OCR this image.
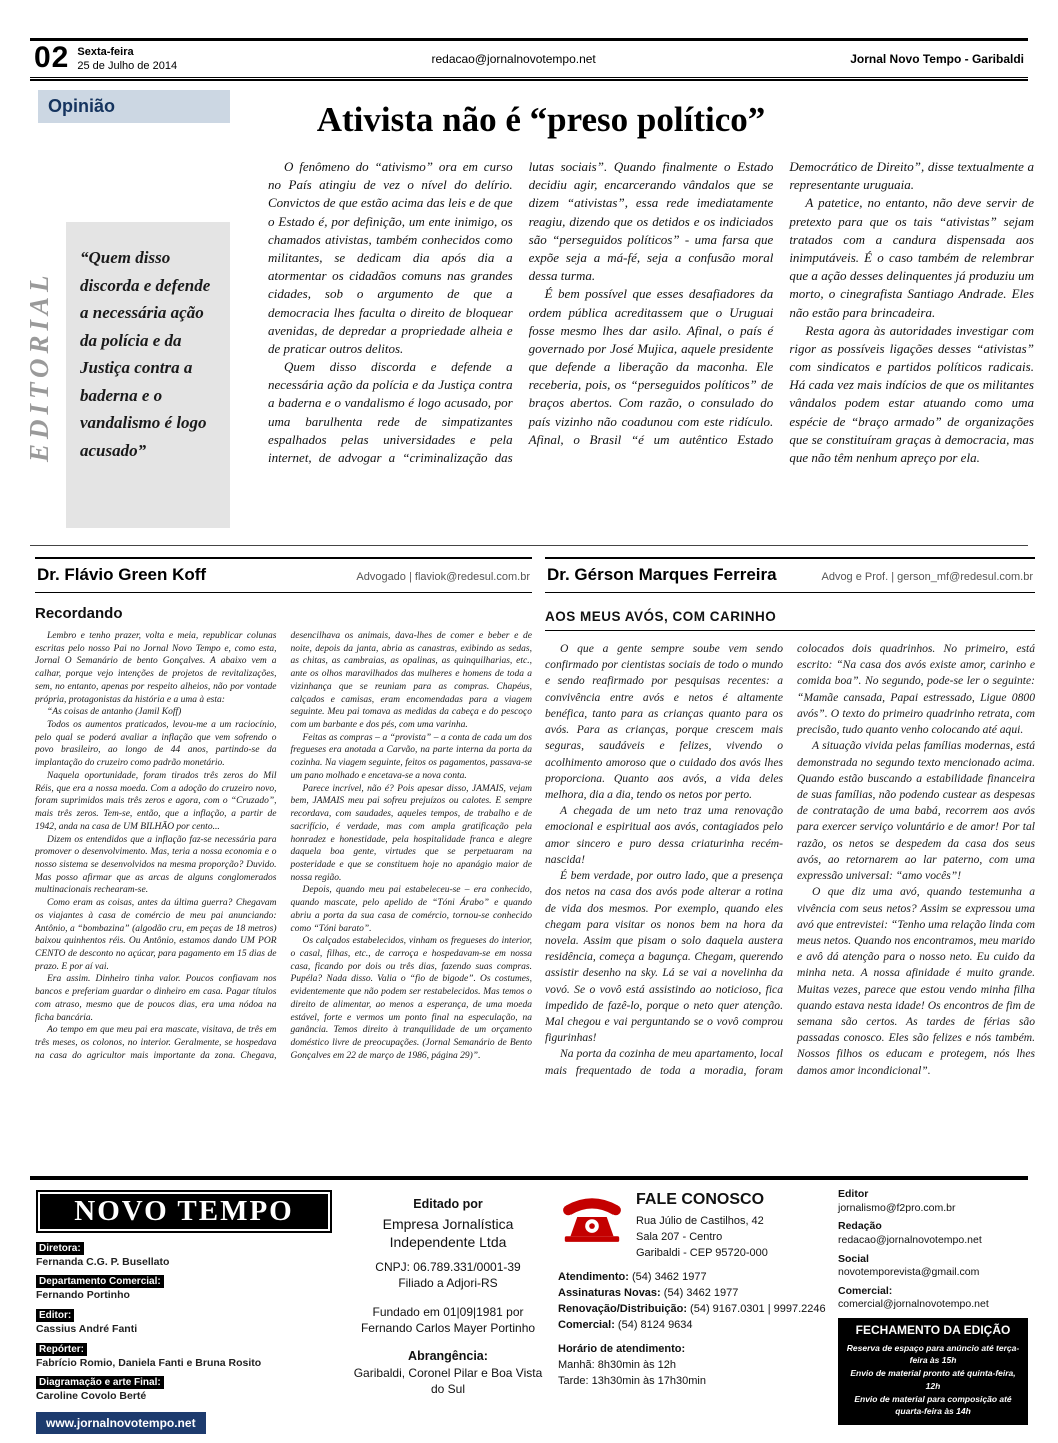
02 Sexta-feira
25 de Julho de 2014	redacao@jornalnovotempo.net	Jornal Novo Tempo - Garibaldi
Opinião	Ativista não é “preso político”
EDITORIAL
“Quem disso discorda e defende a necessária ação da polícia e da Justiça contra a baderna e o vandalismo é logo acusado”

O fenômeno do “ativismo” ora em curso no País atingiu de vez o nível do delírio. Convictos de que estão acima das leis e de que o Estado é, por definição, um ente inimigo, os chamados ativistas, também conhecidos como militantes, se dedicam dia após dia a atormentar os cidadãos comuns nas grandes cidades, sob o argumento de que a democracia lhes faculta o direito de bloquear avenidas, de depredar a propriedade alheia e de praticar outros delitos.

Quem disso discorda e defende a necessária ação da polícia e da Justiça contra a baderna e o vandalismo é logo acusado, por uma barulhenta rede de simpatizantes espalhados pelas universidades e pela internet, de advogar a “criminalização das lutas sociais”. Quando finalmente o Estado decidiu agir, encarcerando vândalos que se dizem “ativistas”, essa rede imediatamente reagiu, dizendo que os detidos e os indiciados são “perseguidos políticos” - uma farsa que expõe seja a má-fé, seja a confusão moral dessa turma.

É bem possível que esses desafiadores da ordem pública acreditassem que o Uruguai fosse mesmo lhes dar asilo. Afinal, o país é governado por José Mujica, aquele presidente que defende a liberação da maconha. Ele receberia, pois, os “perseguidos políticos” de braços abertos. Com razão, o consulado do país vizinho não coadunou com este ridículo. Afinal, o Brasil “é um autêntico Estado Democrático de Direito”, disse textualmente a representante uruguaia.

A patetice, no entanto, não deve servir de pretexto para que os tais “ativistas” sejam tratados com a candura dispensada aos inimputáveis. É o caso também de relembrar que a ação desses delinquentes já produziu um morto, o cinegrafista Santiago Andrade. Eles não estão para brincadeira.

Resta agora às autoridades investigar com rigor as possíveis ligações desses “ativistas” com sindicatos e partidos políticos radicais. Há cada vez mais indícios de que os militantes vândalos podem estar atuando como uma espécie de “braço armado” de organizações que se constituíram graças à democracia, mas que não têm nenhum apreço por ela.

Dr. Flávio Green Koff	Advogado | flaviok@redesul.com.br
Recordando

Lembro e tenho prazer, volta e meia, republicar colunas escritas pelo nosso Pai no Jornal Novo Tempo e, como esta, Jornal O Semanário de bento Gonçalves. A abaixo vem a calhar, porque vejo intenções de projetos de revitalizações, sem, no entanto, apenas por respeito alheios, não por vontade própria, protagonistas da história e a uma à esta:

“As coisas de antanho (Jamil Koff)

Todos os aumentos praticados, levou-me a um raciocínio, pelo qual se poderá avaliar a inflação que vem sofrendo o povo brasileiro, ao longo de 44 anos, partindo-se da implantação do cruzeiro como padrão monetário.

Naquela oportunidade, foram tirados três zeros do Mil Réis, que era a nossa moeda. Com a adoção do cruzeiro novo, foram suprimidos mais três zeros e agora, com o “Cruzado”, mais três zeros. Tem-se, então, que a inflação, a partir de 1942, anda na casa de UM BILHÃO por cento...

Dizem os entendidos que a inflação faz-se necessária para promover o desenvolvimento. Mas, teria a nossa economia e o nosso sistema se desenvolvidos na mesma proporção? Duvido. Mas posso afirmar que as arcas de alguns conglomerados multinacionais rechearam-se.

Como eram as coisas, antes da última guerra? Chegavam os viajantes à casa de comércio de meu pai anunciando: Antônio, a “bombazina” (algodão cru, em peças de 18 metros) baixou quinhentos réis. Ou Antônio, estamos dando UM POR CENTO de desconto no açúcar, para pagamento em 15 dias de prazo. E por aí vai.

Era assim. Dinheiro tinha valor. Poucos confiavam nos bancos e preferiam guardar o dinheiro em casa. Pagar títulos com atraso, mesmo que de poucos dias, era uma nódoa na ficha bancária.

Ao tempo em que meu pai era mascate, visitava, de três em três meses, os colonos, no interior. Geralmente, se hospedava na casa do agricultor mais importante da zona. Chegava, desencilhava os animais, dava-lhes de comer e beber e de noite, depois da janta, abria as canastras, exibindo as sedas, as chitas, as cambraias, as opalinas, as quinquilharias, etc., ante os olhos maravilhados das mulheres e homens de toda a vizinhança que se reuniam para as compras. Chapéus, calçados e camisas, eram encomendadas para a viagem seguinte. Meu pai tomava as medidas da cabeça e do pescoço com um barbante e dos pés, com uma varinha.

Feitas as compras – a “provista” – a conta de cada um dos fregueses era anotada a Carvão, na parte interna da porta da cozinha. Na viagem seguinte, feitos os pagamentos, passava-se um pano molhado e encetava-se a nova conta.

Parece incrível, não é? Pois apesar disso, JAMAIS, vejam bem, JAMAIS meu pai sofreu prejuízos ou calotes. E sempre recordava, com saudades, aqueles tempos, de trabalho e de sacrifício, é verdade, mas com ampla gratificação pela honradez e honestidade, pela hospitalidade franca e alegre daquela boa gente, virtudes que se perpetuaram na posteridade e que se constituem hoje no apanágio maior de nossa região.

Depois, quando meu pai estabeleceu-se – era conhecido, quando mascate, pelo apelido de “Tóni Árabo” e quando abriu a porta da sua casa de comércio, tornou-se conhecido como “Tóni barato”.

Os calçados estabelecidos, vinham os fregueses do interior, o casal, filhas, etc., de carroça e hospedavam-se em nossa casa, ficando por dois ou três dias, fazendo suas compras. Pupéla? Nada disso. Valia o “fio de bigode”. Os costumes, evidentemente que não podem ser restabelecidos. Mas temos o direito de alimentar, ao menos a esperança, de uma moeda estável, forte e vermos um ponto final na especulação, na ganância. Temos direito à tranquilidade de um orçamento doméstico livre de preocupações. (Jornal Semanário de Bento Gonçalves em 22 de março de 1986, página 29)”.

Dr. Gérson Marques Ferreira	Advog e Prof. | gerson_mf@redesul.com.br
AOS MEUS AVÓS, COM CARINHO

O que a gente sempre soube vem sendo confirmado por cientistas sociais de todo o mundo e sendo reafirmado por pesquisas recentes: a convivência entre avós e netos é altamente benéfica, tanto para as crianças quanto para os avós. Para as crianças, porque crescem mais seguras, saudáveis e felizes, vivendo o acolhimento amoroso que o cuidado dos avós lhes proporciona. Quanto aos avós, a vida deles melhora, dia a dia, tendo os netos por perto.

A chegada de um neto traz uma renovação emocional e espiritual aos avós, contagiados pelo amor sincero e puro dessa criaturinha recém-nascida!

É bem verdade, por outro lado, que a presença dos netos na casa dos avós pode alterar a rotina de vida dos mesmos. Por exemplo, quando eles chegam para visitar os nonos bem na hora da novela. Assim que pisam o solo daquela austera residência, começa a bagunça. Chegam, querendo assistir desenho na sky. Lá se vai a novelinha da vovó. Se o vovô está assistindo ao noticioso, fica impedido de fazê-lo, porque o neto quer atenção. Mal chegou e vai perguntando se o vovô comprou figurinhas!

Na porta da cozinha de meu apartamento, local mais frequentado de toda a moradia, foram colocados dois quadrinhos. No primeiro, está escrito: “Na casa dos avós existe amor, carinho e comida boa”. No segundo, pode-se ler o seguinte: “Mamãe cansada, Papai estressado, Ligue 0800 avós”. O texto do primeiro quadrinho retrata, com precisão, tudo quanto venho colocando até aqui.

A situação vivida pelas famílias modernas, está demonstrada no segundo texto mencionado acima. Quando estão buscando a estabilidade financeira de suas famílias, não podendo custear as despesas de contratação de uma babá, recorrem aos avós para exercer serviço voluntário e de amor! Por tal razão, os netos se despedem da casa dos seus avós, ao retornarem ao lar paterno, com uma expressão universal: “amo vocês”!

O que diz uma avó, quando testemunha a vivência com seus netos? Assim se expressou uma avó que entrevistei: “Tenho uma relação linda com meus netos. Quando nos encontramos, meu marido e avô dá atenção para o nosso neto. Eu cuido da minha neta. A nossa afinidade é muito grande. Muitas vezes, parece que estou vendo minha filha quando estava nesta idade! Os encontros de fim de semana são certos. As tardes de férias são passadas conosco. Eles são felizes e nós também. Nossos filhos os educam e protegem, nós lhes damos amor incondicional”.

NOVO TEMPO
Diretora:
Fernanda C.G. P. Busellato
Departamento Comercial:
Fernando Portinho
Editor:
Cassius André Fanti
Repórter:
Fabrício Romio, Daniela Fanti e Bruna Rosito
Diagramação e arte Final:
Caroline Covolo Berté
www.jornalnovotempo.net
Editado por
Empresa Jornalística Independente Ltda
CNPJ: 06.789.331/0001-39
Filiado a Adjori-RS
Fundado em 01|09|1981 por Fernando Carlos Mayer Portinho
Abrangência:
Garibaldi, Coronel Pilar e Boa Vista do Sul
FALE CONOSCO
Rua Júlio de Castilhos, 42
Sala 207 - Centro
Garibaldi - CEP 95720-000
Atendimento: (54) 3462 1977
Assinaturas Novas: (54) 3462 1977
Renovação/Distribuição: (54) 9167.0301 | 9997.2246
Comercial: (54) 8124 9634
Horário de atendimento:
Manhã: 8h30min às 12h
Tarde: 13h30min às 17h30min
Editor
jornalismo@f2pro.com.br
Redação
redacao@jornalnovotempo.net
Social
novotemporevista@gmail.com
Comercial:
comercial@jornalnovotempo.net
FECHAMENTO DA EDIÇÃO
Reserva de espaço para anúncio até terça-feira às 15h
Envio de material pronto até quinta-feira, 12h
Envio de material para composição até quarta-feira às 14h
